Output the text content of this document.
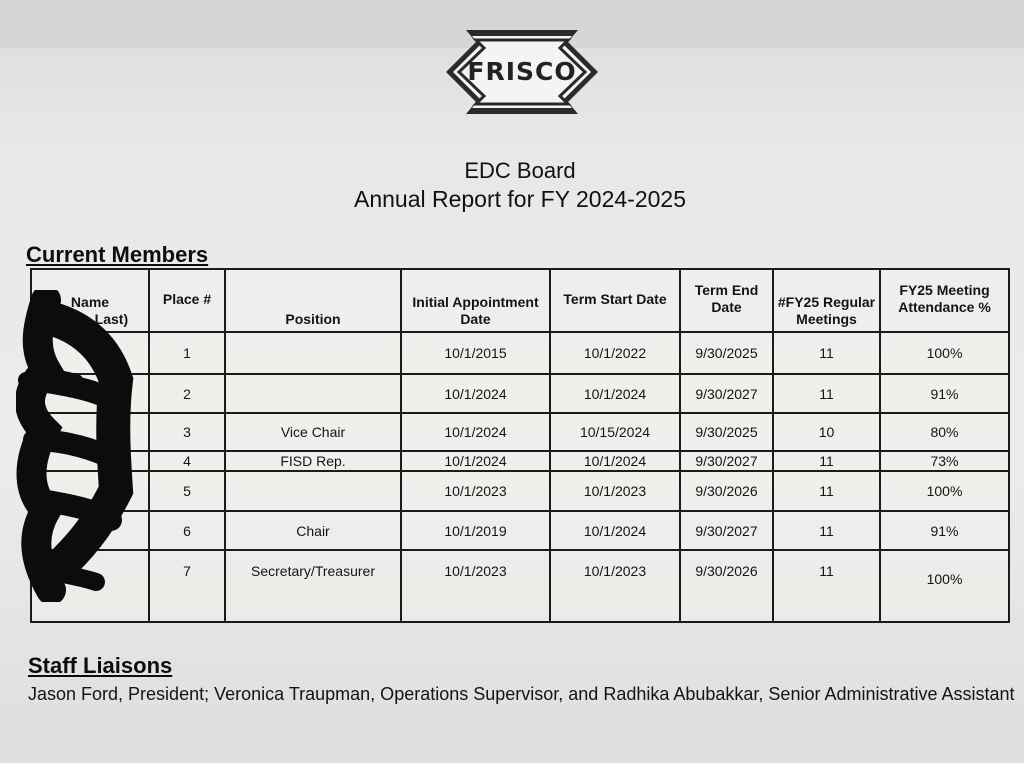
FRISCO
EDC Board
Annual Report for FY 2024-2025
Current Members
Name
(First, Last)	Place #	Position	Initial Appointment Date	Term Start Date	Term End Date	#FY25 Regular Meetings	FY25 Meeting Attendance %
	1		10/1/2015	10/1/2022	9/30/2025	11	100%
	2		10/1/2024	10/1/2024	9/30/2027	11	91%
	3	Vice Chair	10/1/2024	10/15/2024	9/30/2025	10	80%
	4	FISD Rep.	10/1/2024	10/1/2024	9/30/2027	11	73%
	5		10/1/2023	10/1/2023	9/30/2026	11	100%
	6	Chair	10/1/2019	10/1/2024	9/30/2027	11	91%
	7	Secretary/Treasurer	10/1/2023	10/1/2023	9/30/2026	11	100%
Staff Liaisons
Jason Ford, President; Veronica Traupman, Operations Supervisor, and Radhika Abubakkar, Senior Administrative Assistant
